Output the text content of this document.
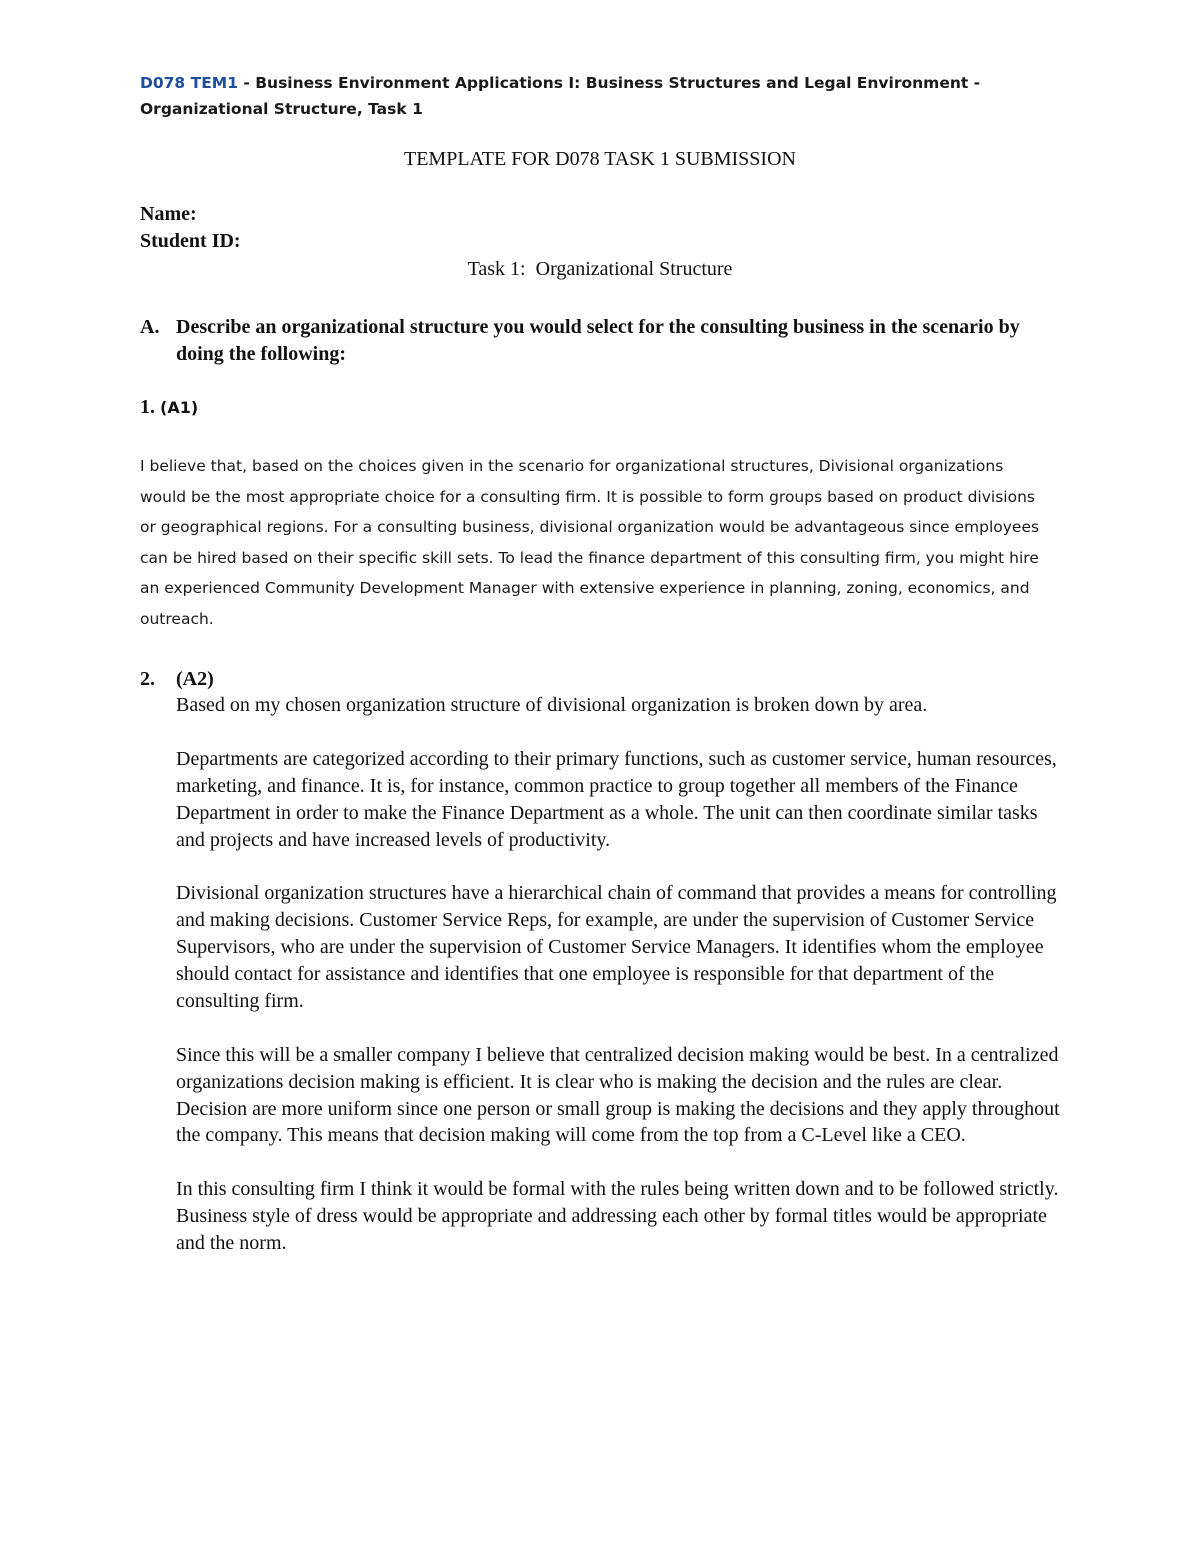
D078 TEM1 - Business Environment Applications I: Business Structures and Legal Environment - Organizational Structure, Task 1
TEMPLATE FOR D078 TASK 1 SUBMISSION
Name:
Student ID:
Task 1: Organizational Structure
A. Describe an organizational structure you would select for the consulting business in the scenario by doing the following:
1. (A1)

I believe that, based on the choices given in the scenario for organizational structures, Divisional organizations would be the most appropriate choice for a consulting firm. It is possible to form groups based on product divisions or geographical regions. For a consulting business, divisional organization would be advantageous since employees can be hired based on their specific skill sets. To lead the finance department of this consulting firm, you might hire an experienced Community Development Manager with extensive experience in planning, zoning, economics, and outreach.

2. (A2)

Based on my chosen organization structure of divisional organization is broken down by area.

Departments are categorized according to their primary functions, such as customer service, human resources, marketing, and finance. It is, for instance, common practice to group together all members of the Finance Department in order to make the Finance Department as a whole. The unit can then coordinate similar tasks and projects and have increased levels of productivity.

Divisional organization structures have a hierarchical chain of command that provides a means for controlling and making decisions. Customer Service Reps, for example, are under the supervision of Customer Service Supervisors, who are under the supervision of Customer Service Managers. It identifies whom the employee should contact for assistance and identifies that one employee is responsible for that department of the consulting firm.

Since this will be a smaller company I believe that centralized decision making would be best. In a centralized organizations decision making is efficient. It is clear who is making the decision and the rules are clear. Decision are more uniform since one person or small group is making the decisions and they apply throughout the company. This means that decision making will come from the top from a C-Level like a CEO.

In this consulting firm I think it would be formal with the rules being written down and to be followed strictly. Business style of dress would be appropriate and addressing each other by formal titles would be appropriate and the norm.
